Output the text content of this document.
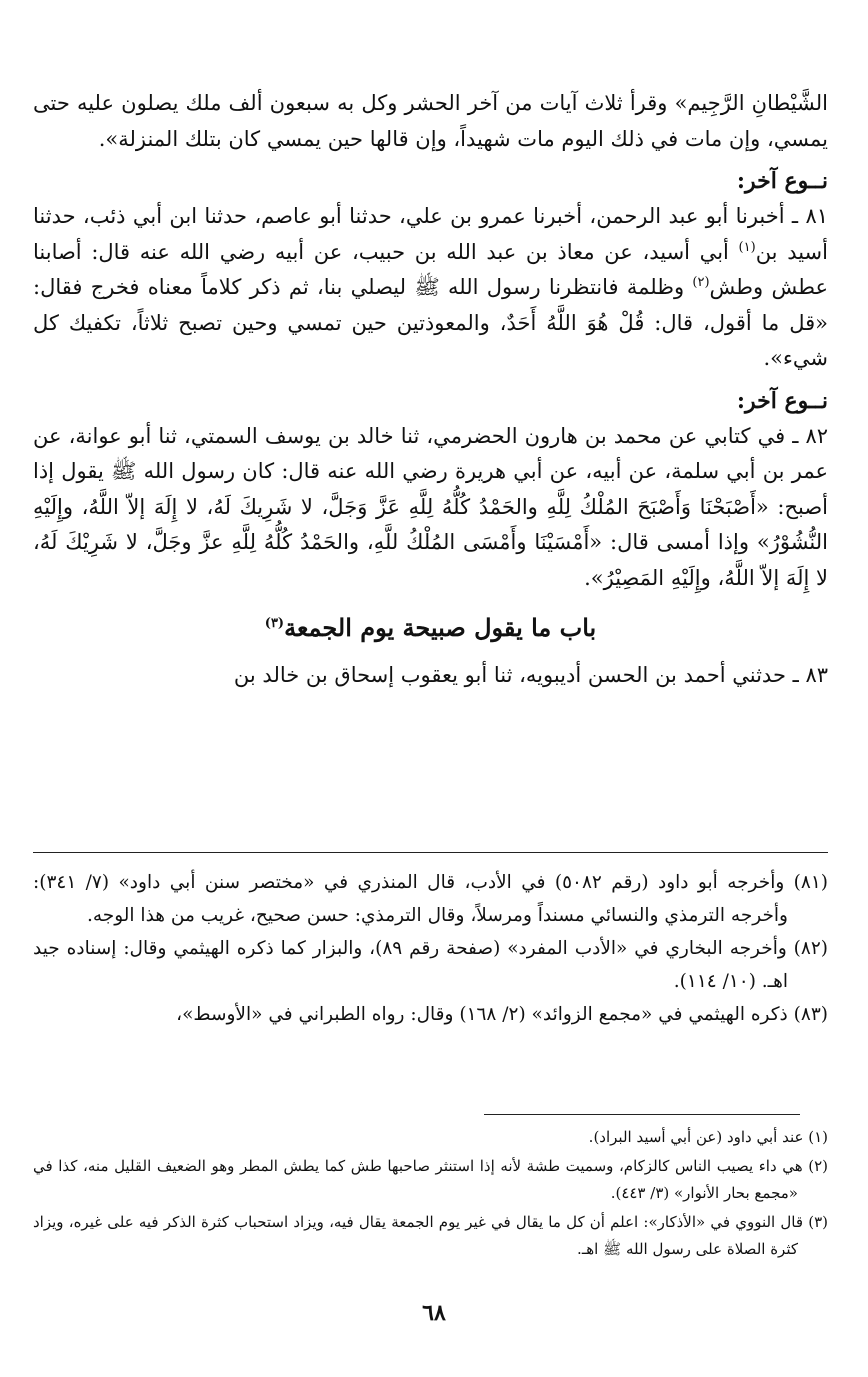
الشَّيْطانِ الرَّجِيم» وقرأ ثلاث آيات من آخر الحشر وكل به سبعون ألف ملك يصلون عليه حتى يمسي، وإن مات في ذلك اليوم مات شهيداً، وإن قالها حين يمسي كان بتلك المنزلة».

نــوع آخر:

٨١ ـ أخبرنا أبو عبد الرحمن، أخبرنا عمرو بن علي، حدثنا أبو عاصم، حدثنا ابن أبي ذئب، حدثنا أسيد بن$^{(١)}$ أبي أسيد، عن معاذ بن عبد الله بن حبيب، عن أبيه رضي الله عنه قال: أصابنا عطش وطش$^{(٢)}$ وظلمة فانتظرنا رسول الله ﷺ ليصلي بنا، ثم ذكر كلاماً معناه فخرج فقال: «قل ما أقول، قال: قُلْ هُوَ اللَّهُ أَحَدٌ، والمعوذتين حين تمسي وحين تصبح ثلاثاً، تكفيك كل شيء».

نــوع آخر:

٨٢ ـ في كتابي عن محمد بن هارون الحضرمي، ثنا خالد بن يوسف السمتي، ثنا أبو عوانة، عن عمر بن أبي سلمة، عن أبيه، عن أبي هريرة رضي الله عنه قال: كان رسول الله ﷺ يقول إذا أصبح: «أَصْبَحْنَا وَأَصْبَحَ المُلْكُ لِلَّهِ والحَمْدُ كُلُّهُ لِلَّهِ عَزَّ وَجَلَّ، لا شَرِيكَ لَهُ، لا إِلَهَ إلاّ اللَّهُ، وإِلَيْهِ النُّشُوْرُ» وإذا أمسى قال: «أَمْسَيْنَا وأَمْسَى المُلْكُ للَّهِ، والحَمْدُ كُلُّهُ لِلَّهِ عزَّ وجَلَّ، لا شَرِيْكَ لَهُ، لا إِلَهَ إلاّ اللَّهُ، وإِلَيْهِ المَصِيْرُ».

باب ما يقول صبيحة يوم الجمعة$^{(٣)}$

٨٣ ـ حدثني أحمد بن الحسن أديبويه، ثنا أبو يعقوب إسحاق بن خالد بن

(٨١) وأخرجه أبو داود (رقم ٥٠٨٢) في الأدب، قال المنذري في «مختصر سنن أبي داود» (٧/ ٣٤١): وأخرجه الترمذي والنسائي مسنداً ومرسلاً، وقال الترمذي: حسن صحيح، غريب من هذا الوجه.

(٨٢) وأخرجه البخاري في «الأدب المفرد» (صفحة رقم ٨٩)، والبزار كما ذكره الهيثمي وقال: إسناده جيد اهـ. (١٠/ ١١٤).

(٨٣) ذكره الهيثمي في «مجمع الزوائد» (٢/ ١٦٨) وقال: رواه الطبراني في «الأوسط»،

(١) عند أبي داود (عن أبي أسيد البراد).

(٢) هي داء يصيب الناس كالزكام، وسميت طشة لأنه إذا استنثر صاحبها طش كما يطش المطر وهو الضعيف القليل منه، كذا في «مجمع بحار الأنوار» (٣/ ٤٤٣).

(٣) قال النووي في «الأذكار»: اعلم أن كل ما يقال في غير يوم الجمعة يقال فيه، ويزاد استحباب كثرة الذكر فيه على غيره، ويزاد كثرة الصلاة على رسول الله ﷺ اهـ.

٦٨
